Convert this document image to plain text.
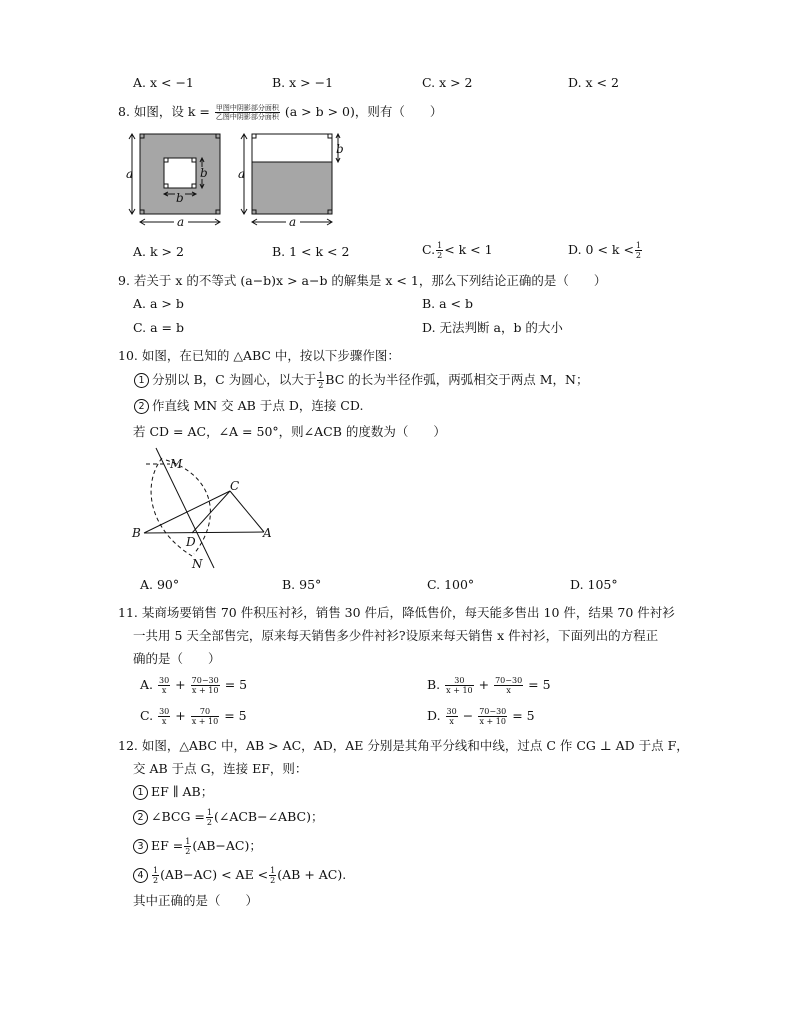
A. x < −1	B. x > −1	C. x > 2	D. x < 2
8. 如图，设 $k = \frac{\text{甲图中阴影部分面积}}{\text{乙图中阴影部分面积}} (a > b > 0)$，则有（　　）
a
a
b
b
a
a
b
A. k > 2	B. 1 < k < 2	C. $\frac{1}{2} < k < 1$	D. $0 < k < \frac{1}{2}$
9. 若关于 x 的不等式 (a−b)x > a−b 的解集是 x < 1，那么下列结论正确的是（　　）
A. a > b	B. a < b
C. a = b	D. 无法判断 a，b 的大小
10. 如图，在已知的 △ABC 中，按以下步骤作图：
1 分别以 B，C 为圆心，以大于 $\frac{1}{2}$ BC 的长为半径作弧，两弧相交于两点 M，N；
2 作直线 MN 交 AB 于点 D，连接 CD.
若 CD = AC，∠A = 50°，则∠ACB 的度数为（　　）
M
C
B
D
A
N
A. 90°	B. 95°	C. 100°	D. 105°
11. 某商场要销售 70 件积压衬衫，销售 30 件后，降低售价，每天能多售出 10 件，结果 70 件衬衫
一共用 5 天全部售完，原来每天销售多少件衬衫?设原来每天销售 x 件衬衫，下面列出的方程正
确的是（　　）
A. $\frac{30}{x} + \frac{70-30}{x + 10} = 5$	B. $\frac{30}{x + 10} + \frac{70-30}{x} = 5$
C. $\frac{30}{x} + \frac{70}{x + 10} = 5$	D. $\frac{30}{x} - \frac{70-30}{x + 10} = 5$
12. 如图，△ABC 中，AB > AC，AD，AE 分别是其角平分线和中线，过点 C 作 CG ⊥ AD 于点 F，
交 AB 于点 G，连接 EF，则：
1 EF ∥ AB；
2 ∠BCG = $\frac{1}{2}$ (∠ACB−∠ABC)；
3 EF = $\frac{1}{2} (AB-AC)$；
$4 \frac{1}{2} (AB-AC)$ < AE < $\frac{1}{2} (AB + AC)$.
其中正确的是（　　）
